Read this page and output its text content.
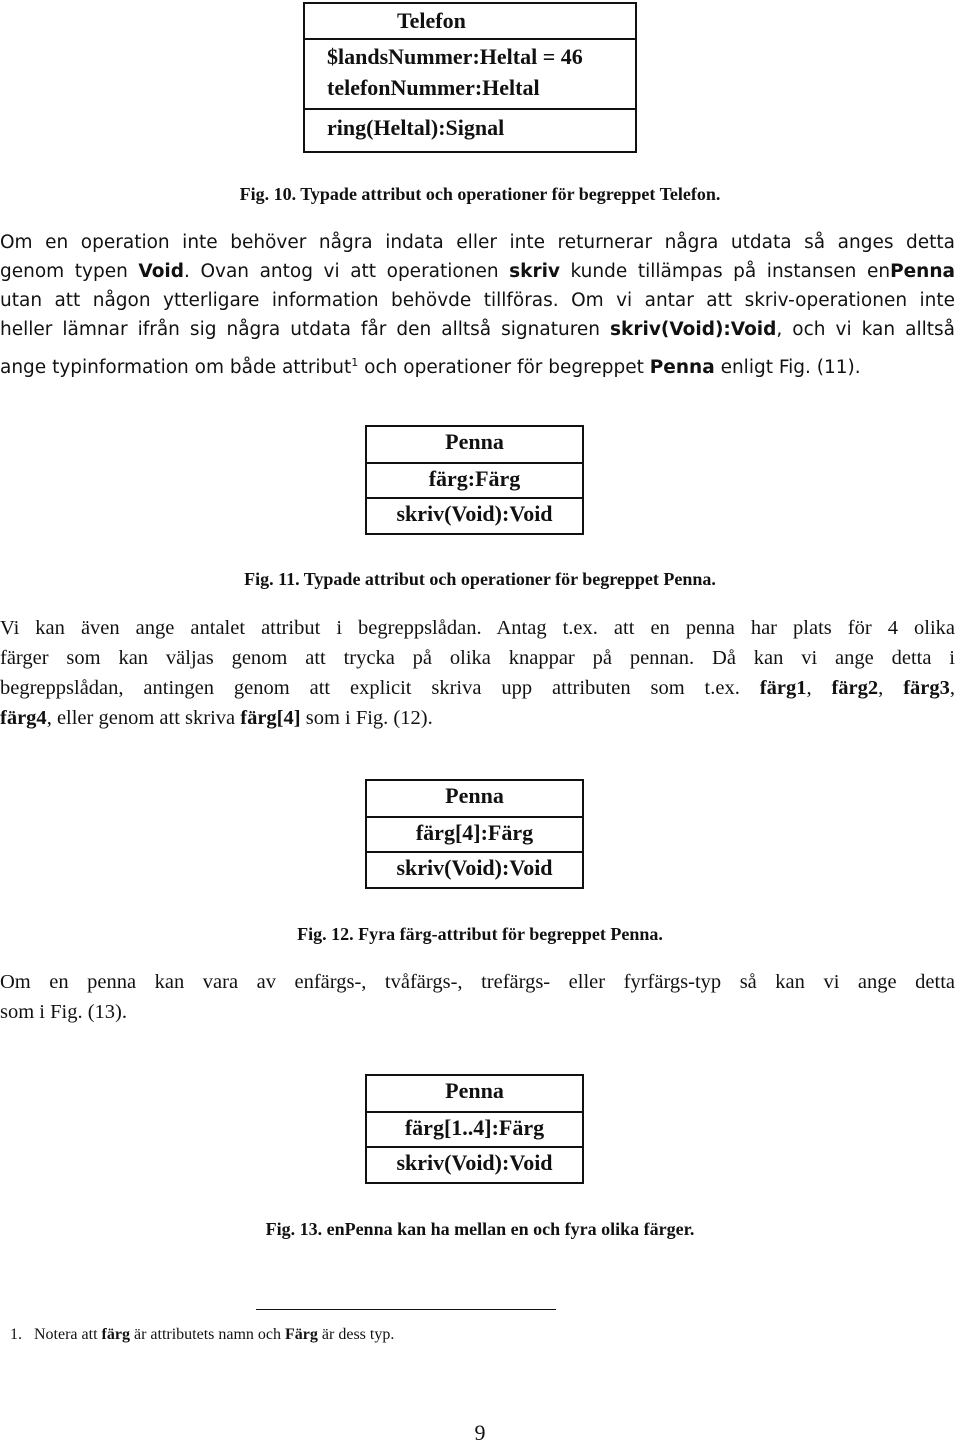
Telefon
$landsNummer:Heltal = 46
telefonNummer:Heltal
ring(Heltal):Signal
Fig. 10. Typade attribut och operationer för begreppet Telefon.
Om en operation inte behöver några indata eller inte returnerar några utdata så anges detta
genom typen Void. Ovan antog vi att operationen skriv kunde tillämpas på instansen enPenna
utan att någon ytterligare information behövde tillföras. Om vi antar att skriv-operationen inte
heller lämnar ifrån sig några utdata får den alltså signaturen skriv(Void):Void, och vi kan alltså
ange typinformation om både attribut$^1$ och operationer för begreppet Penna enligt Fig. (11).
Penna
färg:Färg
skriv(Void):Void
Fig. 11. Typade attribut och operationer för begreppet Penna.
Vi kan även ange antalet attribut i begreppslådan. Antag t.ex. att en penna har plats för 4 olika
färger som kan väljas genom att trycka på olika knappar på pennan. Då kan vi ange detta i
begreppslådan, antingen genom att explicit skriva upp attributen som t.ex. färg1, färg2, färg3,
färg4, eller genom att skriva färg[4] som i Fig. (12).
Penna
färg[4]:Färg
skriv(Void):Void
Fig. 12. Fyra färg-attribut för begreppet Penna.
Om en penna kan vara av enfärgs-, tvåfärgs-, trefärgs- eller fyrfärgs-typ så kan vi ange detta
som i Fig. (13).
Penna
färg[1..4]:Färg
skriv(Void):Void
Fig. 13. enPenna kan ha mellan en och fyra olika färger.
1. Notera att färg är attributets namn och Färg är dess typ.
9
